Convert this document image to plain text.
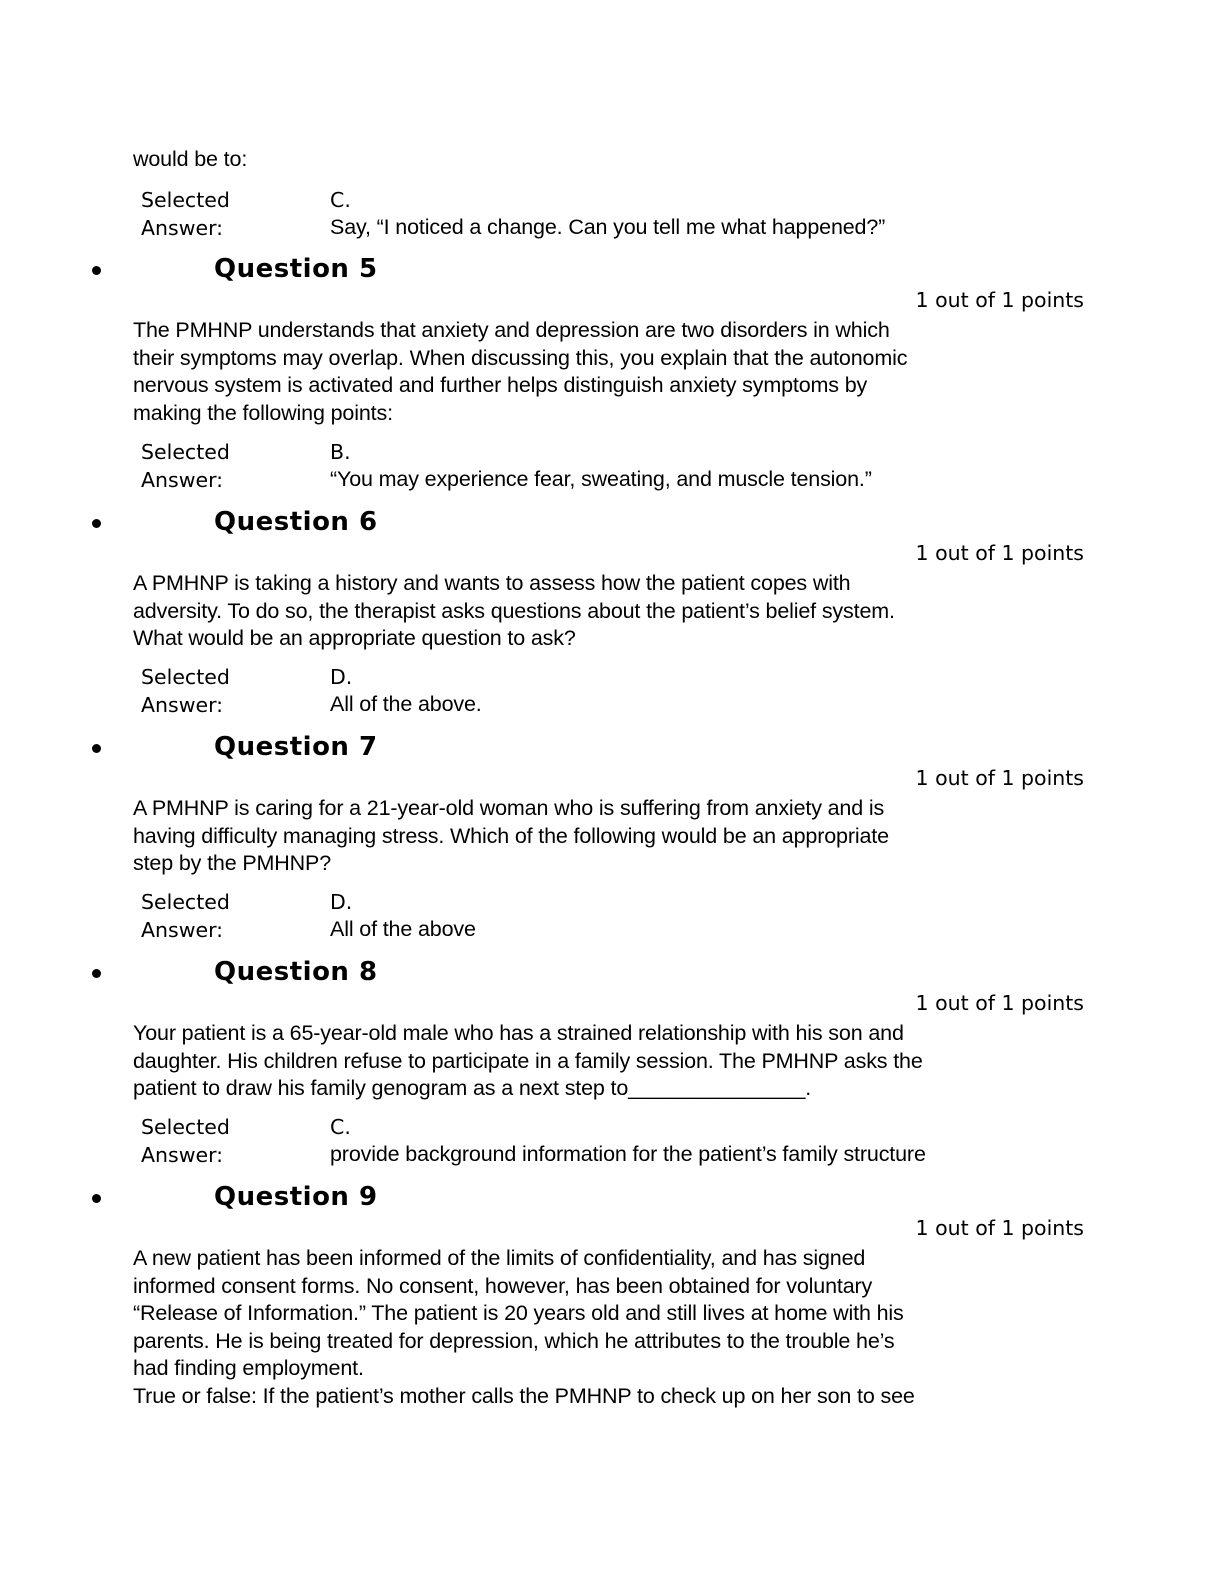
would be to:
Selected
Answer:
C.
Say, “I noticed a change. Can you tell me what happened?”
Question 5
1 out of 1 points
The PMHNP understands that anxiety and depression are two disorders in which
their symptoms may overlap. When discussing this, you explain that the autonomic
nervous system is activated and further helps distinguish anxiety symptoms by
making the following points:
Selected
Answer:
B.
“You may experience fear, sweating, and muscle tension.”
Question 6
1 out of 1 points
A PMHNP is taking a history and wants to assess how the patient copes with
adversity. To do so, the therapist asks questions about the patient’s belief system.
What would be an appropriate question to ask?
Selected
Answer:
D.
All of the above.
Question 7
1 out of 1 points
A PMHNP is caring for a 21-year-old woman who is suffering from anxiety and is
having difficulty managing stress. Which of the following would be an appropriate
step by the PMHNP?
Selected
Answer:
D.
All of the above
Question 8
1 out of 1 points
Your patient is a 65-year-old male who has a strained relationship with his son and
daughter. His children refuse to participate in a family session. The PMHNP asks the
patient to draw his family genogram as a next step to_______________.
Selected
Answer:
C.
provide background information for the patient’s family structure
Question 9
1 out of 1 points
A new patient has been informed of the limits of confidentiality, and has signed
informed consent forms. No consent, however, has been obtained for voluntary
“Release of Information.” The patient is 20 years old and still lives at home with his
parents. He is being treated for depression, which he attributes to the trouble he’s
had finding employment.
True or false: If the patient’s mother calls the PMHNP to check up on her son to see
